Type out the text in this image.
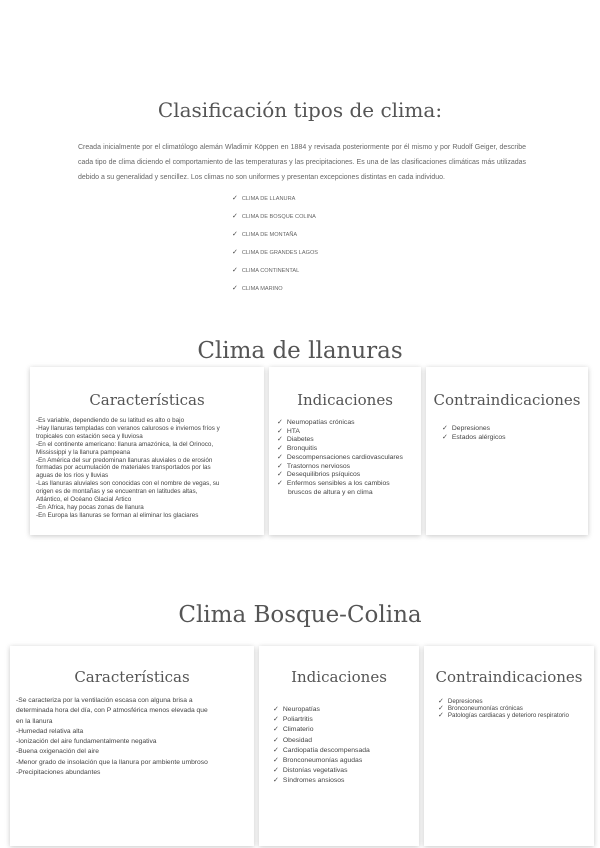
Clasificación tipos de clima:
Creada inicialmente por el climatólogo alemán Wladimir Köppen en 1884 y revisada posteriormente por él mismo y por Rudolf Geiger, describe cada tipo de clima diciendo el comportamiento de las temperaturas y las precipitaciones. Es una de las clasificaciones climáticas más utilizadas debido a su generalidad y sencillez. Los climas no son uniformes y presentan excepciones distintas en cada individuo.
✓ CLIMA DE LLANURA
✓ CLIMA DE BOSQUE COLINA
✓ CLIMA DE MONTAÑA
✓ CLIMA DE GRANDES LAGOS
✓ CLIMA CONTINENTAL
✓ CLIMA MARINO
Clima de llanuras
Características
-Es variable, dependiendo de su latitud es alto o bajo
-Hay llanuras templadas con veranos calurosos e inviernos fríos y
tropicales con estación seca y lluviosa
-En el continente americano: llanura amazónica, la del Orinoco,
Mississippi y la llanura pampeana
-En América del sur predominan llanuras aluviales o de erosión
formadas por acumulación de materiales transportados por las
aguas de los ríos y lluvias
-Las llanuras aluviales son conocidas con el nombre de vegas, su
origen es de montañas y se encuentran en latitudes altas,
Atlántico, el Océano Glacial Ártico
-En África, hay pocas zonas de llanura
-En Europa las llanuras se forman al eliminar los glaciares
Indicaciones
✓ Neumopatías crónicas
✓ HTA
✓ Diabetes
✓ Bronquitis
✓ Descompensaciones cardiovasculares
✓ Trastornos nerviosos
✓ Desequilibrios psíquicos
✓ Enfermos sensibles a los cambios
bruscos de altura y en clima
Contraindicaciones
✓ Depresiones
✓ Estados alérgicos
Clima Bosque-Colina
Características
-Se caracteriza por la ventilación escasa con alguna brisa a
determinada hora del día, con P atmosférica menos elevada que
en la llanura
-Humedad relativa alta
-Ionización del aire fundamentalmente negativa
-Buena oxigenación del aire
-Menor grado de insolación que la llanura por ambiente umbroso
-Precipitaciones abundantes
Indicaciones
✓ Neuropatías
✓ Poliartritis
✓ Climaterio
✓ Obesidad
✓ Cardiopatía descompensada
✓ Bronconeumonías agudas
✓ Distonías vegetativas
✓ Síndromes ansiosos
Contraindicaciones
✓ Depresiones
✓ Bronconeumonías crónicas
✓ Patologías cardiacas y deterioro respiratorio
